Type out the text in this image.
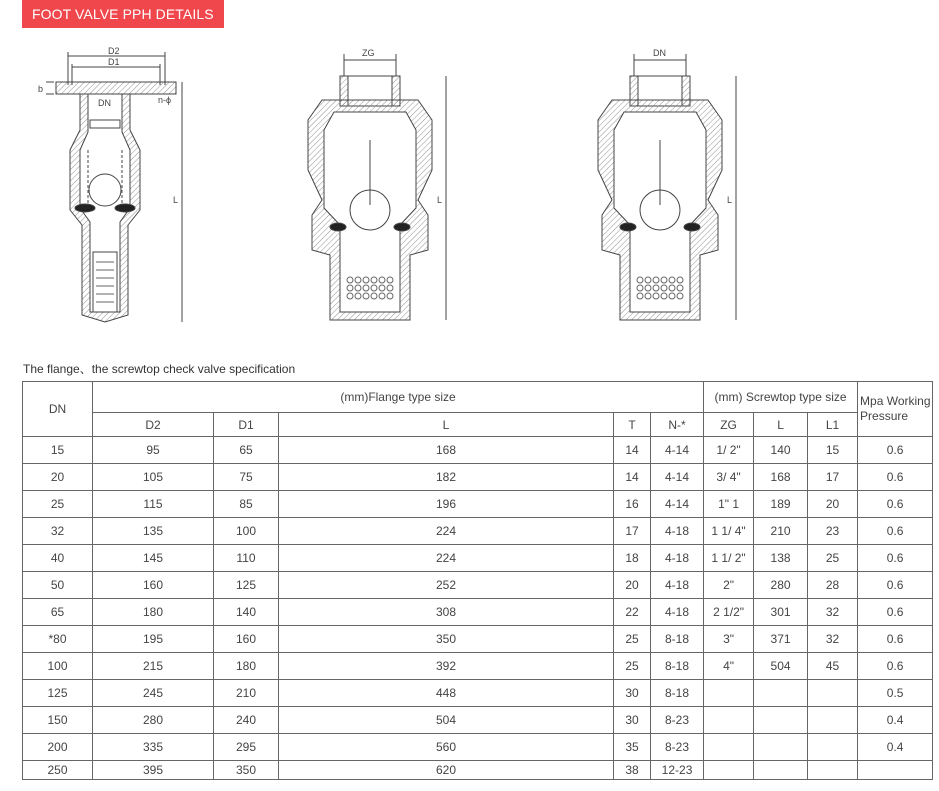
FOOT VALVE PPH DETAILS
D2
D1
b
n-ϕ
DN
L
ZG
L
DN
L
The flange、the screwtop check valve specification
DN	(mm)Flange type size					(mm) Screwtop type size			Mpa Working Pressure
	D2	D1	L	T	N-*	ZG	L	L1	
15	95	65	168	14	4-14	1/ 2"	140	15	0.6
20	105	75	182	14	4-14	3/ 4"	168	17	0.6
25	115	85	196	16	4-14	1" 1	189	20	0.6
32	135	100	224	17	4-18	1 1/ 4"	210	23	0.6
40	145	110	224	18	4-18	1 1/ 2"	138	25	0.6
50	160	125	252	20	4-18	2"	280	28	0.6
65	180	140	308	22	4-18	2 1/2"	301	32	0.6
*80	195	160	350	25	8-18	3"	371	32	0.6
100	215	180	392	25	8-18	4"	504	45	0.6
125	245	210	448	30	8-18				0.5
150	280	240	504	30	8-23				0.4
200	335	295	560	35	8-23				0.4
250	395	350	620	38	12-23				
